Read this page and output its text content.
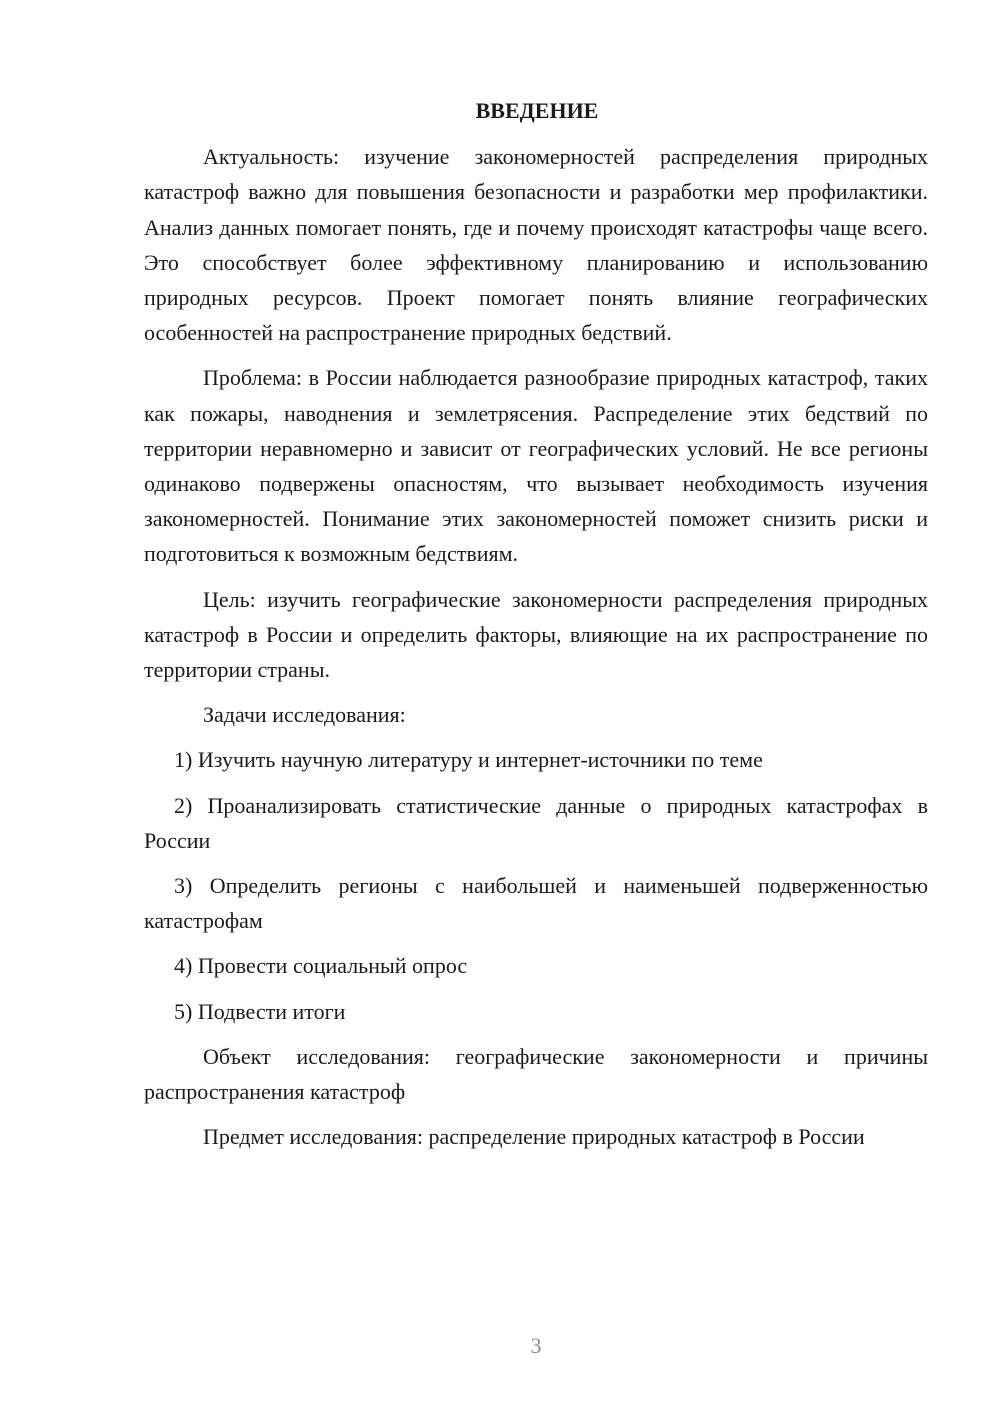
ВВЕДЕНИЕ

Актуальность: изучение закономерностей распределения природных катастроф важно для повышения безопасности и разработки мер профилактики. Анализ данных помогает понять, где и почему происходят катастрофы чаще всего. Это способствует более эффективному планированию и использованию природных ресурсов. Проект помогает понять влияние географических особенностей на распространение природных бедствий.

Проблема: в России наблюдается разнообразие природных катастроф, таких как пожары, наводнения и землетрясения. Распределение этих бедствий по территории неравномерно и зависит от географических условий. Не все регионы одинаково подвержены опасностям, что вызывает необходимость изучения закономерностей. Понимание этих закономерностей поможет снизить риски и подготовиться к возможным бедствиям.

Цель: изучить географические закономерности распределения природных катастроф в России и определить факторы, влияющие на их распространение по территории страны.

Задачи исследования:

1) Изучить научную литературу и интернет-источники по теме

2) Проанализировать статистические данные о природных катастрофах в России

3) Определить регионы с наибольшей и наименьшей подверженностью катастрофам

4) Провести социальный опрос

5) Подвести итоги

Объект исследования: географические закономерности и причины распространения катастроф

Предмет исследования: распределение природных катастроф в России

3
